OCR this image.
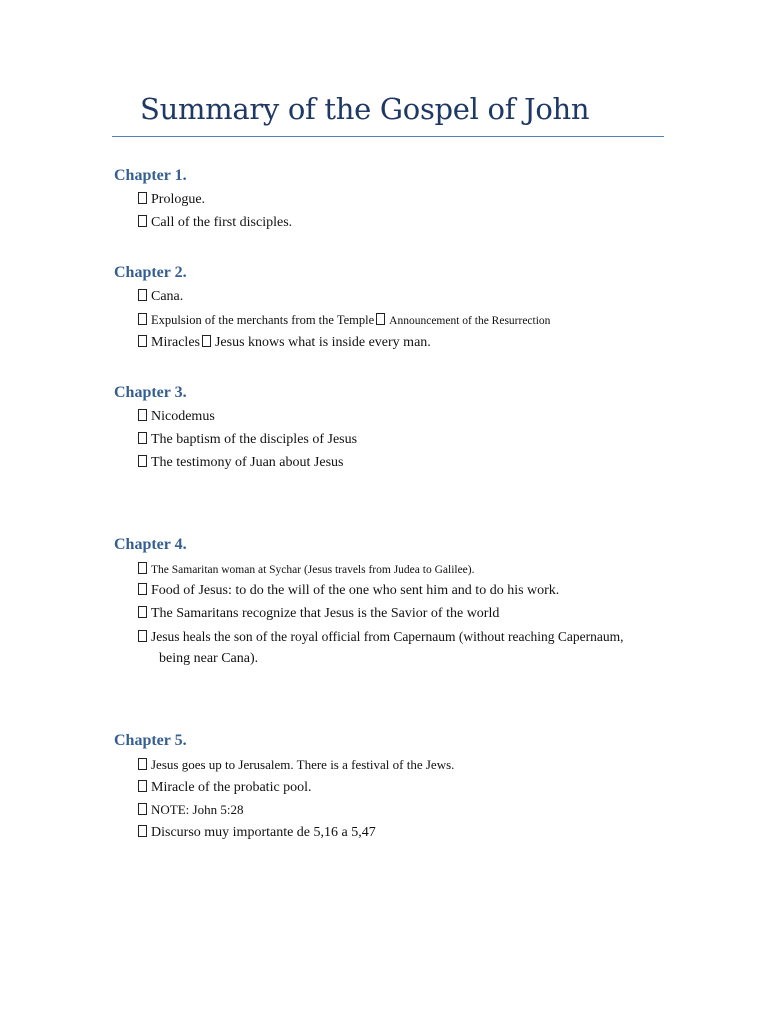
Summary of the Gospel of John
Chapter 1.
Prologue.
Call of the first disciples.
Chapter 2.
Cana.
Expulsion of the merchants from the Temple Announcement of the Resurrection
Miracles Jesus knows what is inside every man.
Chapter 3.
Nicodemus
The baptism of the disciples of Jesus
The testimony of Juan about Jesus
Chapter 4.
The Samaritan woman at Sychar (Jesus travels from Judea to Galilee).
Food of Jesus: to do the will of the one who sent him and to do his work.
The Samaritans recognize that Jesus is the Savior of the world
Jesus heals the son of the royal official from Capernaum (without reaching Capernaum,
being near Cana).
Chapter 5.
Jesus goes up to Jerusalem. There is a festival of the Jews.
Miracle of the probatic pool.
NOTE: John 5:28
Discurso muy importante de 5,16 a 5,47
